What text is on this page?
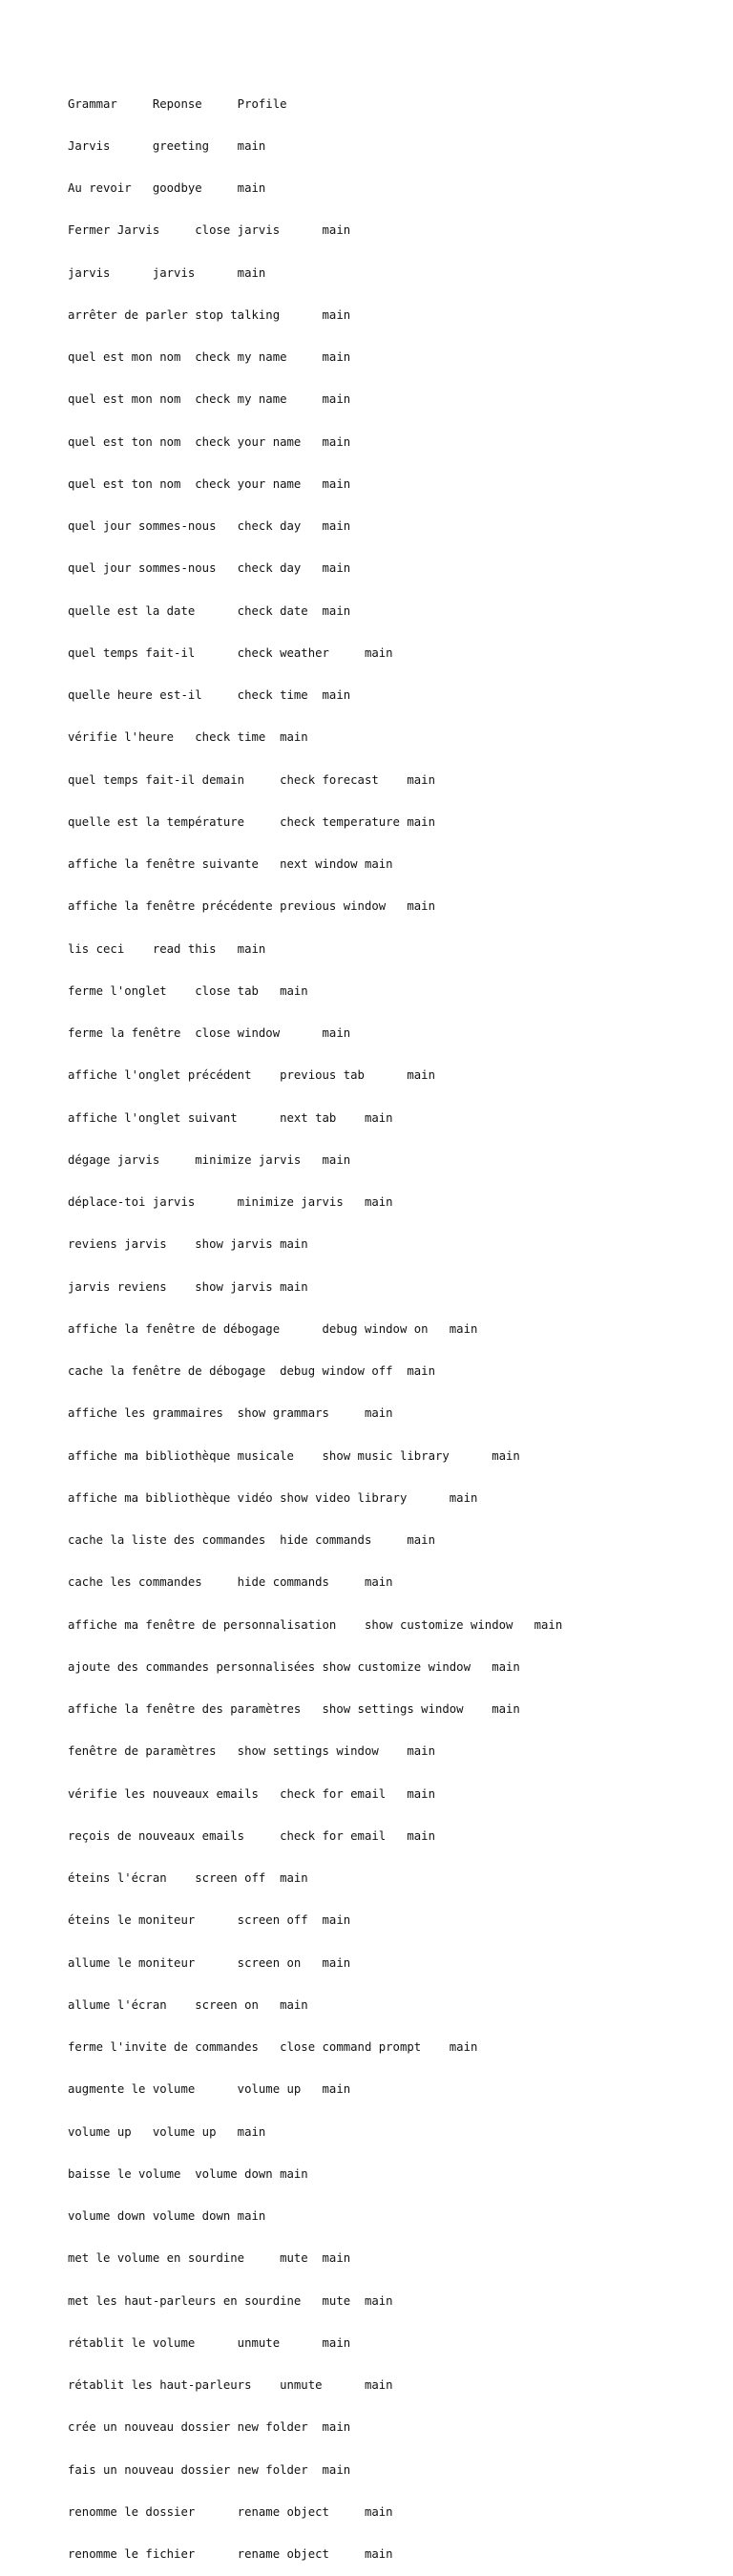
Grammar     Reponse     Profile

Jarvis      greeting    main

Au revoir   goodbye     main

Fermer Jarvis     close jarvis      main

jarvis      jarvis      main

arrêter de parler stop talking      main

quel est mon nom  check my name     main

quel est mon nom  check my name     main

quel est ton nom  check your name   main

quel est ton nom  check your name   main

quel jour sommes-nous   check day   main

quel jour sommes-nous   check day   main

quelle est la date      check date  main

quel temps fait-il      check weather     main

quelle heure est-il     check time  main

vérifie l'heure   check time  main

quel temps fait-il demain     check forecast    main

quelle est la température     check temperature main

affiche la fenêtre suivante   next window main

affiche la fenêtre précédente previous window   main

lis ceci    read this   main

ferme l'onglet    close tab   main

ferme la fenêtre  close window      main

affiche l'onglet précédent    previous tab      main

affiche l'onglet suivant      next tab    main

dégage jarvis     minimize jarvis   main

déplace-toi jarvis      minimize jarvis   main

reviens jarvis    show jarvis main

jarvis reviens    show jarvis main

affiche la fenêtre de débogage      debug window on   main

cache la fenêtre de débogage  debug window off  main

affiche les grammaires  show grammars     main

affiche ma bibliothèque musicale    show music library      main

affiche ma bibliothèque vidéo show video library      main

cache la liste des commandes  hide commands     main

cache les commandes     hide commands     main

affiche ma fenêtre de personnalisation    show customize window   main

ajoute des commandes personnalisées show customize window   main

affiche la fenêtre des paramètres   show settings window    main

fenêtre de paramètres   show settings window    main

vérifie les nouveaux emails   check for email   main

reçois de nouveaux emails     check for email   main

éteins l'écran    screen off  main

éteins le moniteur      screen off  main

allume le moniteur      screen on   main

allume l'écran    screen on   main

ferme l'invite de commandes   close command prompt    main

augmente le volume      volume up   main

volume up   volume up   main

baisse le volume  volume down main

volume down volume down main

met le volume en sourdine     mute  main

met les haut-parleurs en sourdine   mute  main

rétablit le volume      unmute      main

rétablit les haut-parleurs    unmute      main

crée un nouveau dossier new folder  main

fais un nouveau dossier new folder  main

renomme le dossier      rename object     main

renomme le fichier      rename object     main
